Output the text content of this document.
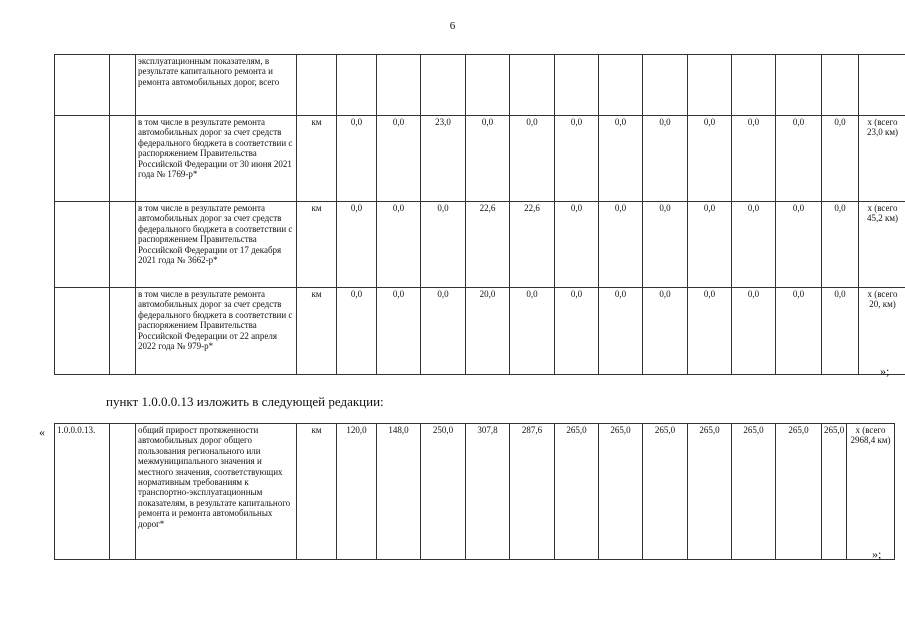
6
		эксплуатационным показателям, в результате капитального ремонта и ремонта автомобильных дорог, всего														
		в том числе в результате ремонта автомобильных дорог за счет средств федерального бюджета в соответствии с распоряжением Правительства Российской Федерации от 30 июня 2021 года № 1769-р*	км	0,0	0,0	23,0	0,0	0,0	0,0	0,0	0,0	0,0	0,0	0,0	0,0	х (всего 23,0 км)
		в том числе в результате ремонта автомобильных дорог за счет средств федерального бюджета в соответствии с распоряжением Правительства Российской Федерации от 17 декабря 2021 года № 3662-р*	км	0,0	0,0	0,0	22,6	22,6	0,0	0,0	0,0	0,0	0,0	0,0	0,0	х (всего 45,2 км)
		в том числе в результате ремонта автомобильных дорог за счет средств федерального бюджета в соответствии с распоряжением Правительства Российской Федерации от 22 апреля 2022 года № 979-р*	км	0,0	0,0	0,0	20,0	0,0	0,0	0,0	0,0	0,0	0,0	0,0	0,0	х (всего 20, км)
»;
пункт 1.0.0.0.13 изложить в следующей редакции:
« 1.0.0.0.13.		общий прирост протяженности автомобильных дорог общего пользования регионального или межмуниципального значения и местного значения, соответствующих нормативным требованиям к транспортно-эксплуатационным показателям, в результате капитального ремонта и ремонта автомобильных дорог*	км	120,0	148,0	250,0	307,8	287,6	265,0	265,0	265,0	265,0	265,0	265,0	265,0	х (всего 2968,4 км)
»;
